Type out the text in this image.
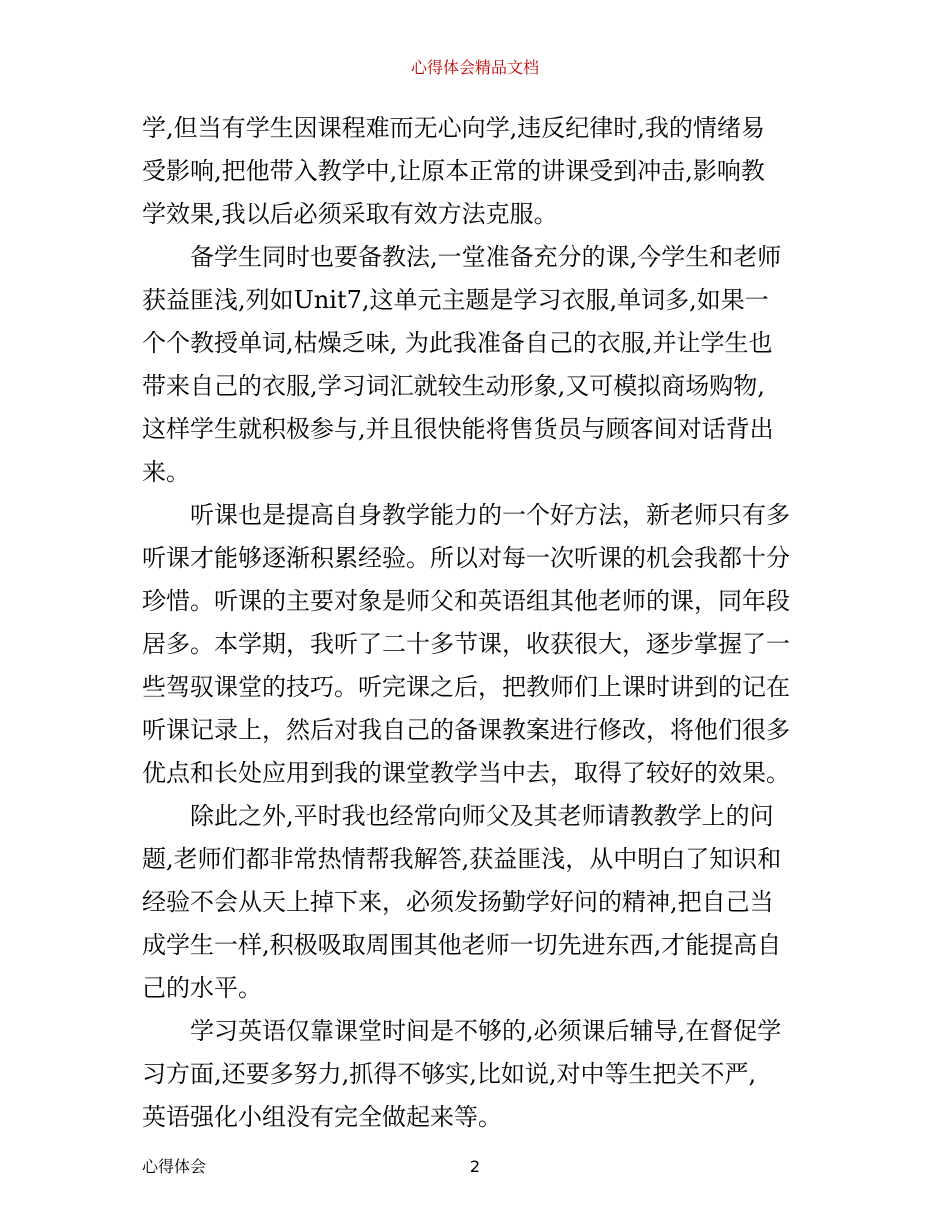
心得体会精品文档
学,但当有学生因课程难而无心向学,违反纪律时,我的情绪易
受影响,把他带入教学中,让原本正常的讲课受到冲击,影响教
学效果,我以后必须采取有效方法克服。
　　备学生同时也要备教法,一堂准备充分的课,今学生和老师
获益匪浅,列如Unit7,这单元主题是学习衣服,单词多,如果一
个个教授单词,枯燥乏味, 为此我准备自己的衣服,并让学生也
带来自己的衣服,学习词汇就较生动形象,又可模拟商场购物,
这样学生就积极参与,并且很快能将售货员与顾客间对话背出
来。
　　听课也是提高自身教学能力的一个好方法，新老师只有多
听课才能够逐渐积累经验。所以对每一次听课的机会我都十分
珍惜。听课的主要对象是师父和英语组其他老师的课，同年段
居多。本学期，我听了二十多节课，收获很大，逐步掌握了一
些驾驭课堂的技巧。听完课之后，把教师们上课时讲到的记在
听课记录上，然后对我自己的备课教案进行修改，将他们很多
优点和长处应用到我的课堂教学当中去，取得了较好的效果。
　　除此之外,平时我也经常向师父及其老师请教教学上的问
题,老师们都非常热情帮我解答,获益匪浅，从中明白了知识和
经验不会从天上掉下来，必须发扬勤学好问的精神,把自己当
成学生一样,积极吸取周围其他老师一切先进东西,才能提高自
己的水平。
　　学习英语仅靠课堂时间是不够的,必须课后辅导,在督促学
习方面,还要多努力,抓得不够实,比如说,对中等生把关不严,
英语强化小组没有完全做起来等。
心得体会	2
